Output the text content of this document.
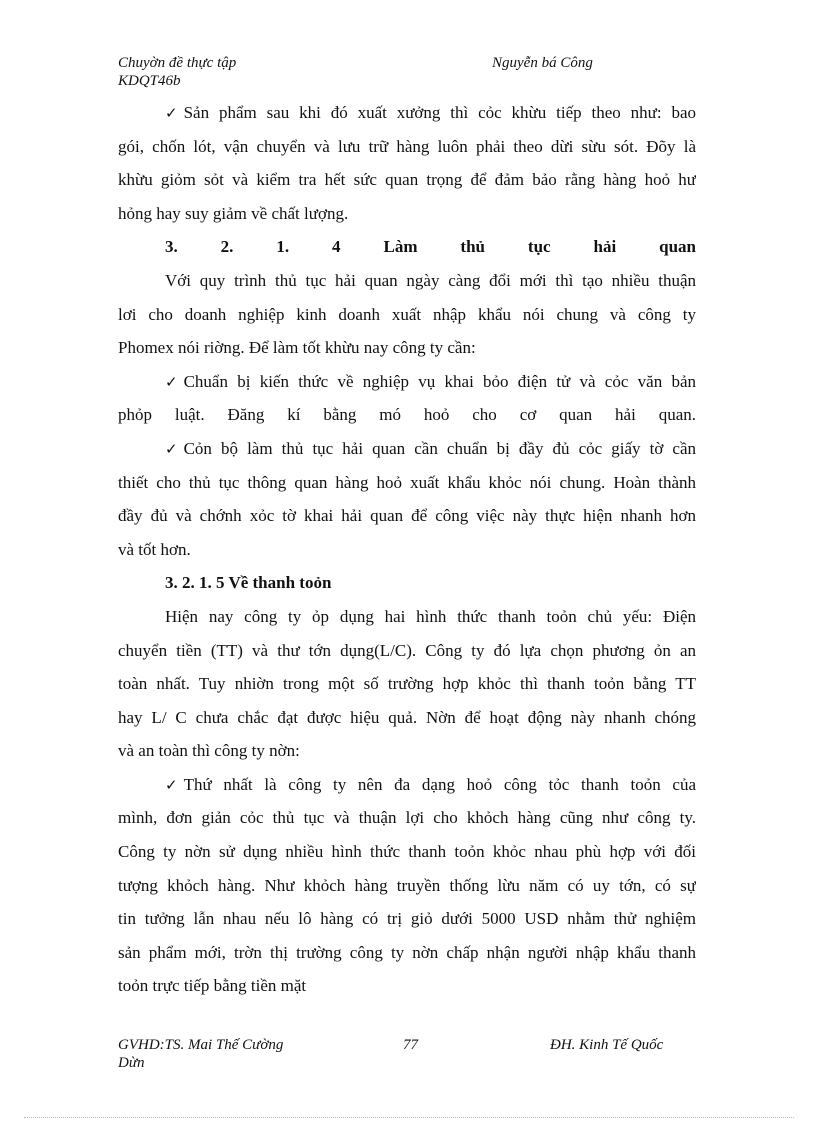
Chuyờn đề thực tập
KDQT46b
Nguyễn bá Công
✓ Sản phẩm sau khi đó xuất xưởng thì cỏc khừu tiếp theo như: bao
gói, chốn lót, vận chuyển và lưu trữ hàng luôn phải theo dừi sừu sót. Đõy là
khừu giỏm sỏt và kiểm tra hết sức quan trọng để đảm bảo rằng hàng hoỏ hư
hỏng hay suy giảm về chất lượng.
3. 2. 1. 4 Làm thủ tục hải quan
Với quy trình thủ tục hải quan ngày càng đổi mới thì tạo nhiều thuận
lơi cho doanh nghiệp kinh doanh xuất nhập khẩu nói chung và công ty
Phomex nói riờng. Để làm tốt khừu nay công ty cần:
✓ Chuẩn bị kiến thức về nghiệp vụ khai bỏo điện tử và cỏc văn bản
phỏp luật. Đăng kí bằng mó hoỏ cho cơ quan hải quan.
✓ Cỏn bộ làm thủ tục hải quan cần chuẩn bị đầy đủ cỏc giấy tờ cần
thiết cho thủ tục thông quan hàng hoỏ xuất khẩu khỏc nói chung. Hoàn thành
đầy đủ và chớnh xỏc tờ khai hải quan để công việc này thực hiện nhanh hơn
và tốt hơn.
3. 2. 1. 5 Về thanh toỏn
Hiện nay công ty ỏp dụng hai hình thức thanh toỏn chủ yếu: Điện
chuyển tiền (TT) và thư tớn dụng(L/C). Công ty đó lựa chọn phương ỏn an
toàn nhất. Tuy nhiờn trong một số trường hợp khỏc thì thanh toỏn bằng TT
hay L/ C chưa chắc đạt được hiệu quả. Nờn để hoạt động này nhanh chóng
và an toàn thì công ty nờn:
✓ Thứ nhất là công ty nên đa dạng hoỏ công tỏc thanh toỏn của
mình, đơn giản cỏc thủ tục và thuận lợi cho khỏch hàng cũng như công ty.
Công ty nờn sử dụng nhiều hình thức thanh toỏn khỏc nhau phù hợp với đối
tượng khỏch hàng. Như khỏch hàng truyền thống lừu năm có uy tớn, có sự
tin tưởng lẫn nhau nếu lô hàng có trị giỏ dưới 5000 USD nhằm thử nghiệm
sản phẩm mới, trờn thị trường công ty nờn chấp nhận người nhập khẩu thanh
toỏn trực tiếp bằng tiền mặt
GVHD:TS. Mai Thế Cường
Dừn
77	ĐH. Kinh Tế Quốc
